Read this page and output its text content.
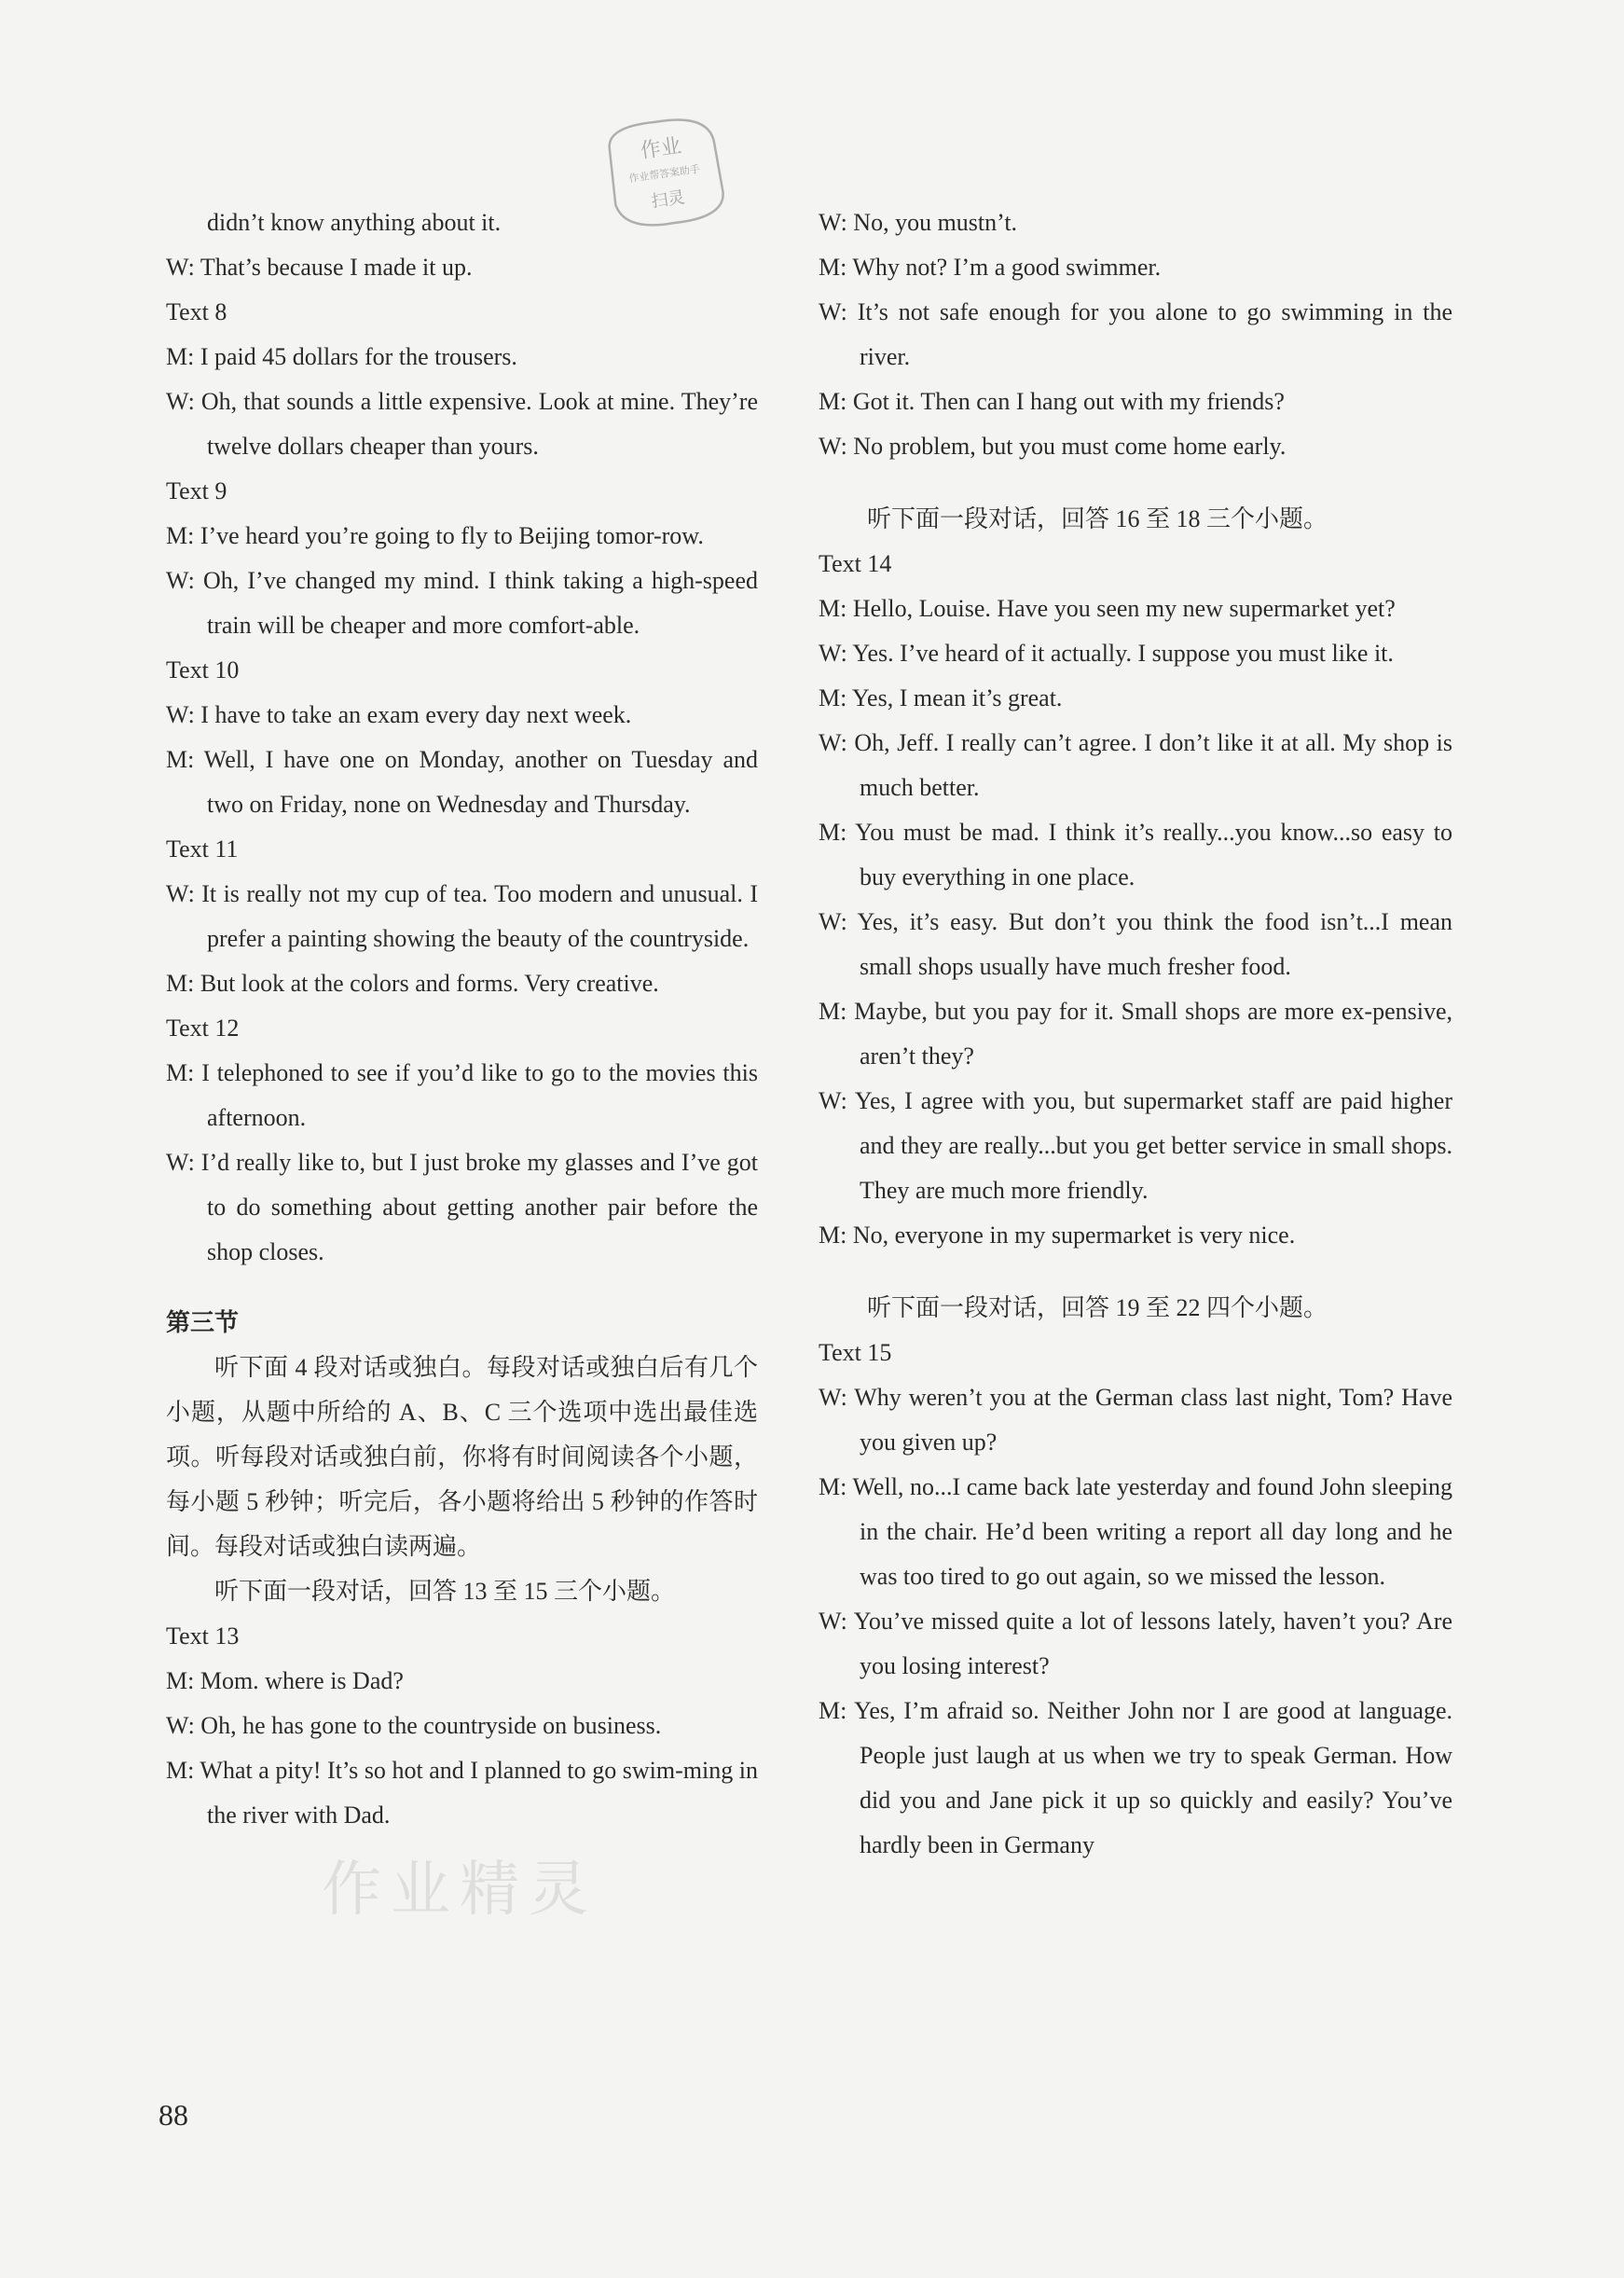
作业
作业帮答案助手
扫灵
didn’t know anything about it.
W: That’s because I made it up.
Text 8
M: I paid 45 dollars for the trousers.
W: Oh, that sounds a little expensive. Look at mine. They’re twelve dollars cheaper than yours.
Text 9
M: I’ve heard you’re going to fly to Beijing tomor-row.
W: Oh, I’ve changed my mind. I think taking a high-speed train will be cheaper and more comfort-able.
Text 10
W: I have to take an exam every day next week.
M: Well, I have one on Monday, another on Tuesday and two on Friday, none on Wednesday and Thursday.
Text 11
W: It is really not my cup of tea. Too modern and unusual. I prefer a painting showing the beauty of the countryside.
M: But look at the colors and forms. Very creative.
Text 12
M: I telephoned to see if you’d like to go to the movies this afternoon.
W: I’d really like to, but I just broke my glasses and I’ve got to do something about getting another pair before the shop closes.
第三节
听下面 4 段对话或独白。每段对话或独白后有几个小题，从题中所给的 A、B、C 三个选项中选出最佳选项。听每段对话或独白前，你将有时间阅读各个小题，每小题 5 秒钟；听完后，各小题将给出 5 秒钟的作答时间。每段对话或独白读两遍。
听下面一段对话，回答 13 至 15 三个小题。
Text 13
M: Mom. where is Dad?
W: Oh, he has gone to the countryside on business.
M: What a pity! It’s so hot and I planned to go swim-ming in the river with Dad.
W: No, you mustn’t.
M: Why not? I’m a good swimmer.
W: It’s not safe enough for you alone to go swimming in the river.
M: Got it. Then can I hang out with my friends?
W: No problem, but you must come home early.
听下面一段对话，回答 16 至 18 三个小题。
Text 14
M: Hello, Louise. Have you seen my new supermarket yet?
W: Yes. I’ve heard of it actually. I suppose you must like it.
M: Yes, I mean it’s great.
W: Oh, Jeff. I really can’t agree. I don’t like it at all. My shop is much better.
M: You must be mad. I think it’s really...you know...so easy to buy everything in one place.
W: Yes, it’s easy. But don’t you think the food isn’t...I mean small shops usually have much fresher food.
M: Maybe, but you pay for it. Small shops are more ex-pensive, aren’t they?
W: Yes, I agree with you, but supermarket staff are paid higher and they are really...but you get better service in small shops. They are much more friendly.
M: No, everyone in my supermarket is very nice.
听下面一段对话，回答 19 至 22 四个小题。
Text 15
W: Why weren’t you at the German class last night, Tom? Have you given up?
M: Well, no...I came back late yesterday and found John sleeping in the chair. He’d been writing a report all day long and he was too tired to go out again, so we missed the lesson.
W: You’ve missed quite a lot of lessons lately, haven’t you? Are you losing interest?
M: Yes, I’m afraid so. Neither John nor I are good at language. People just laugh at us when we try to speak German. How did you and Jane pick it up so quickly and easily? You’ve hardly been in Germany
作业精灵
88
